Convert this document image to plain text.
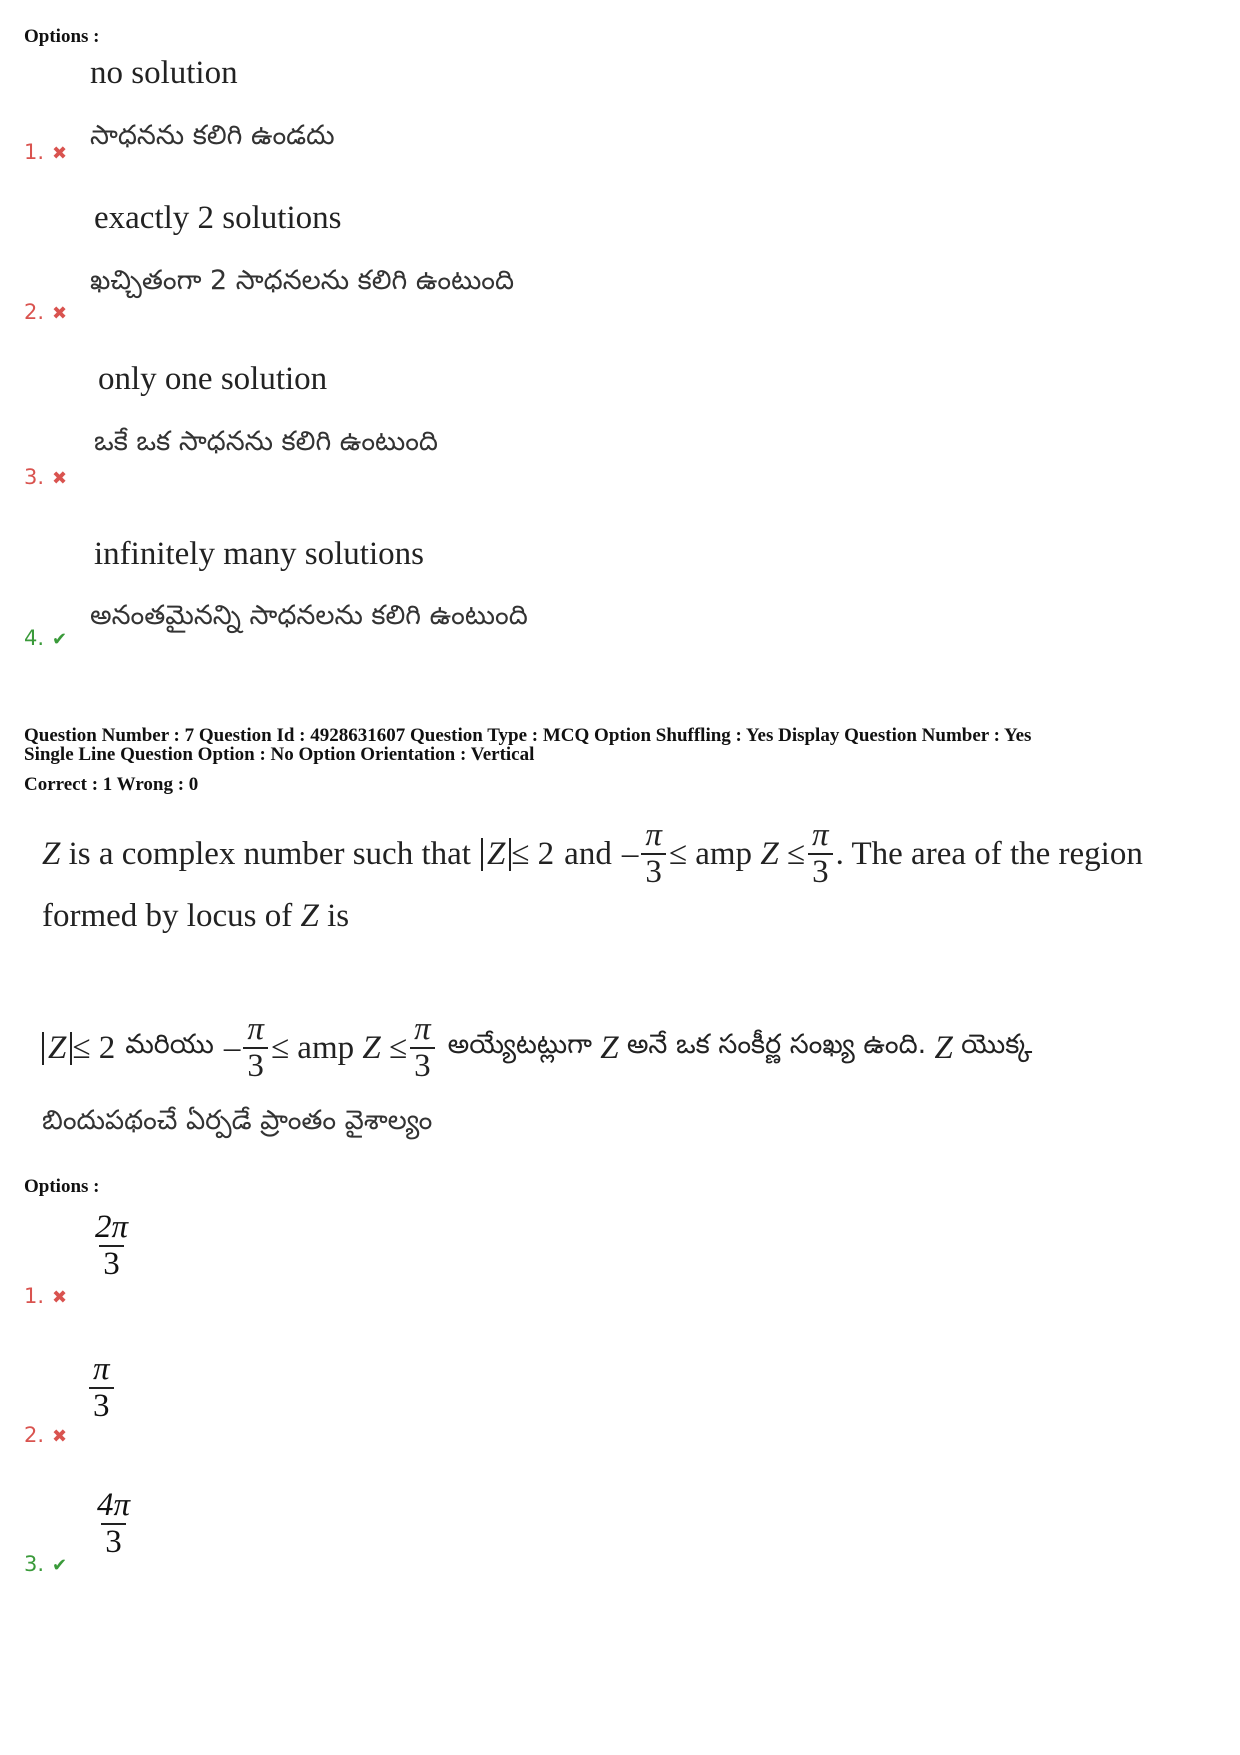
Options :
no solution
సాధనను కలిగి ఉండదు
1. ✖
exactly 2 solutions
ఖచ్చితంగా 2 సాధనలను కలిగి ఉంటుంది
2. ✖
only one solution
ఒకే ఒక సాధనను కలిగి ఉంటుంది
3. ✖
infinitely many solutions
అనంతమైనన్ని సాధనలను కలిగి ఉంటుంది
4. ✔
Question Number : 7 Question Id : 4928631607 Question Type : MCQ Option Shuffling : Yes Display Question Number : Yes
Single Line Question Option : No Option Orientation : Vertical
Correct : 1 Wrong : 0
Z
is a complex number such that Z ≤ 2 and – $\frac{\pi}{3}$ ≤ amp
Z
≤ $\frac{\pi}{3}$ . The area of the region
formed by locus of
Z
is
Z ≤ 2 మరియు – $\frac{\pi}{3}$ ≤ amp
Z
≤ $\frac{\pi}{3}$ అయ్యేటట్లుగా
Z
అనే ఒక సంకీర్ణ సంఖ్య ఉంది.
Z
యొక్క
బిందుపథంచే ఏర్పడే ప్రాంతం వైశాల్యం
Options :
$\frac{2\pi}{3}$
1. ✖
$\frac{\pi}{3}$
2. ✖
$\frac{4\pi}{3}$
3. ✔
